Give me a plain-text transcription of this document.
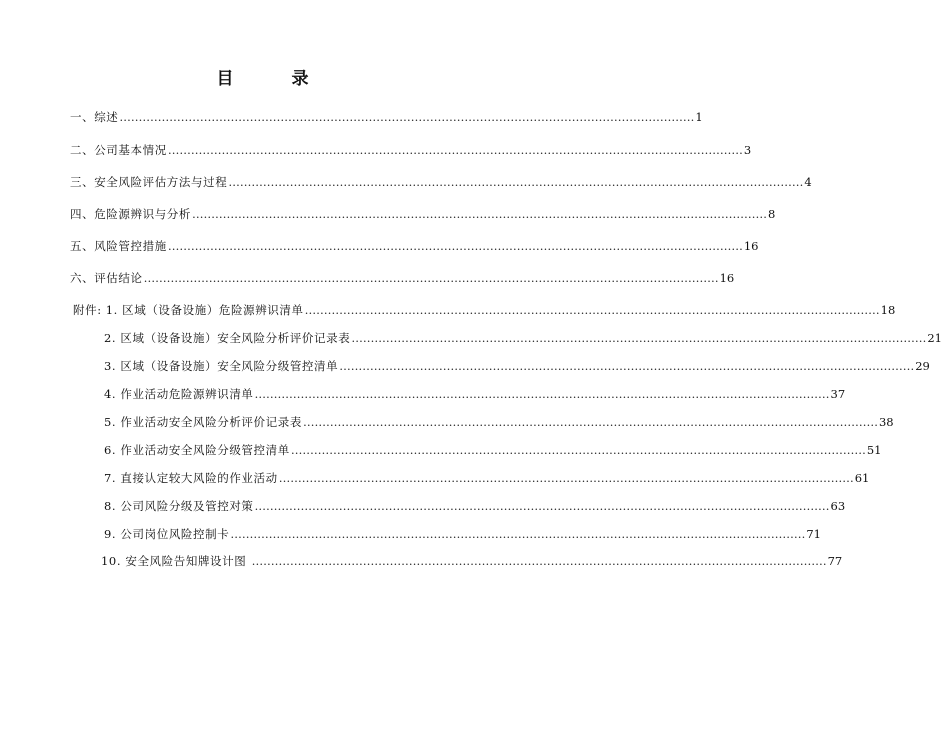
目 录
一、综述 …………………………………………………………………………………………………………………………………… 1
二、公司基本情况 …………………………………………………………………………………………………………………………………… 3
三、安全风险评估方法与过程 …………………………………………………………………………………………………………………………………… 4
四、危险源辨识与分析 …………………………………………………………………………………………………………………………………… 8
五、风险管控措施 …………………………………………………………………………………………………………………………………… 16
六、评估结论 …………………………………………………………………………………………………………………………………… 16
附件: 1. 区域（设备设施）危险源辨识清单 …………………………………………………………………………………………………………………………………… 18
2. 区域（设备设施）安全风险分析评价记录表 …………………………………………………………………………………………………………………………………… 21
3. 区域（设备设施）安全风险分级管控清单 …………………………………………………………………………………………………………………………………… 29
4. 作业活动危险源辨识清单 …………………………………………………………………………………………………………………………………… 37
5. 作业活动安全风险分析评价记录表 …………………………………………………………………………………………………………………………………… 38
6. 作业活动安全风险分级管控清单 …………………………………………………………………………………………………………………………………… 51
7. 直接认定较大风险的作业活动 …………………………………………………………………………………………………………………………………… 61
8. 公司风险分级及管控对策 …………………………………………………………………………………………………………………………………… 63
9. 公司岗位风险控制卡 …………………………………………………………………………………………………………………………………… 71
10. 安全风险告知牌设计图 …………………………………………………………………………………………………………………………………… 77
